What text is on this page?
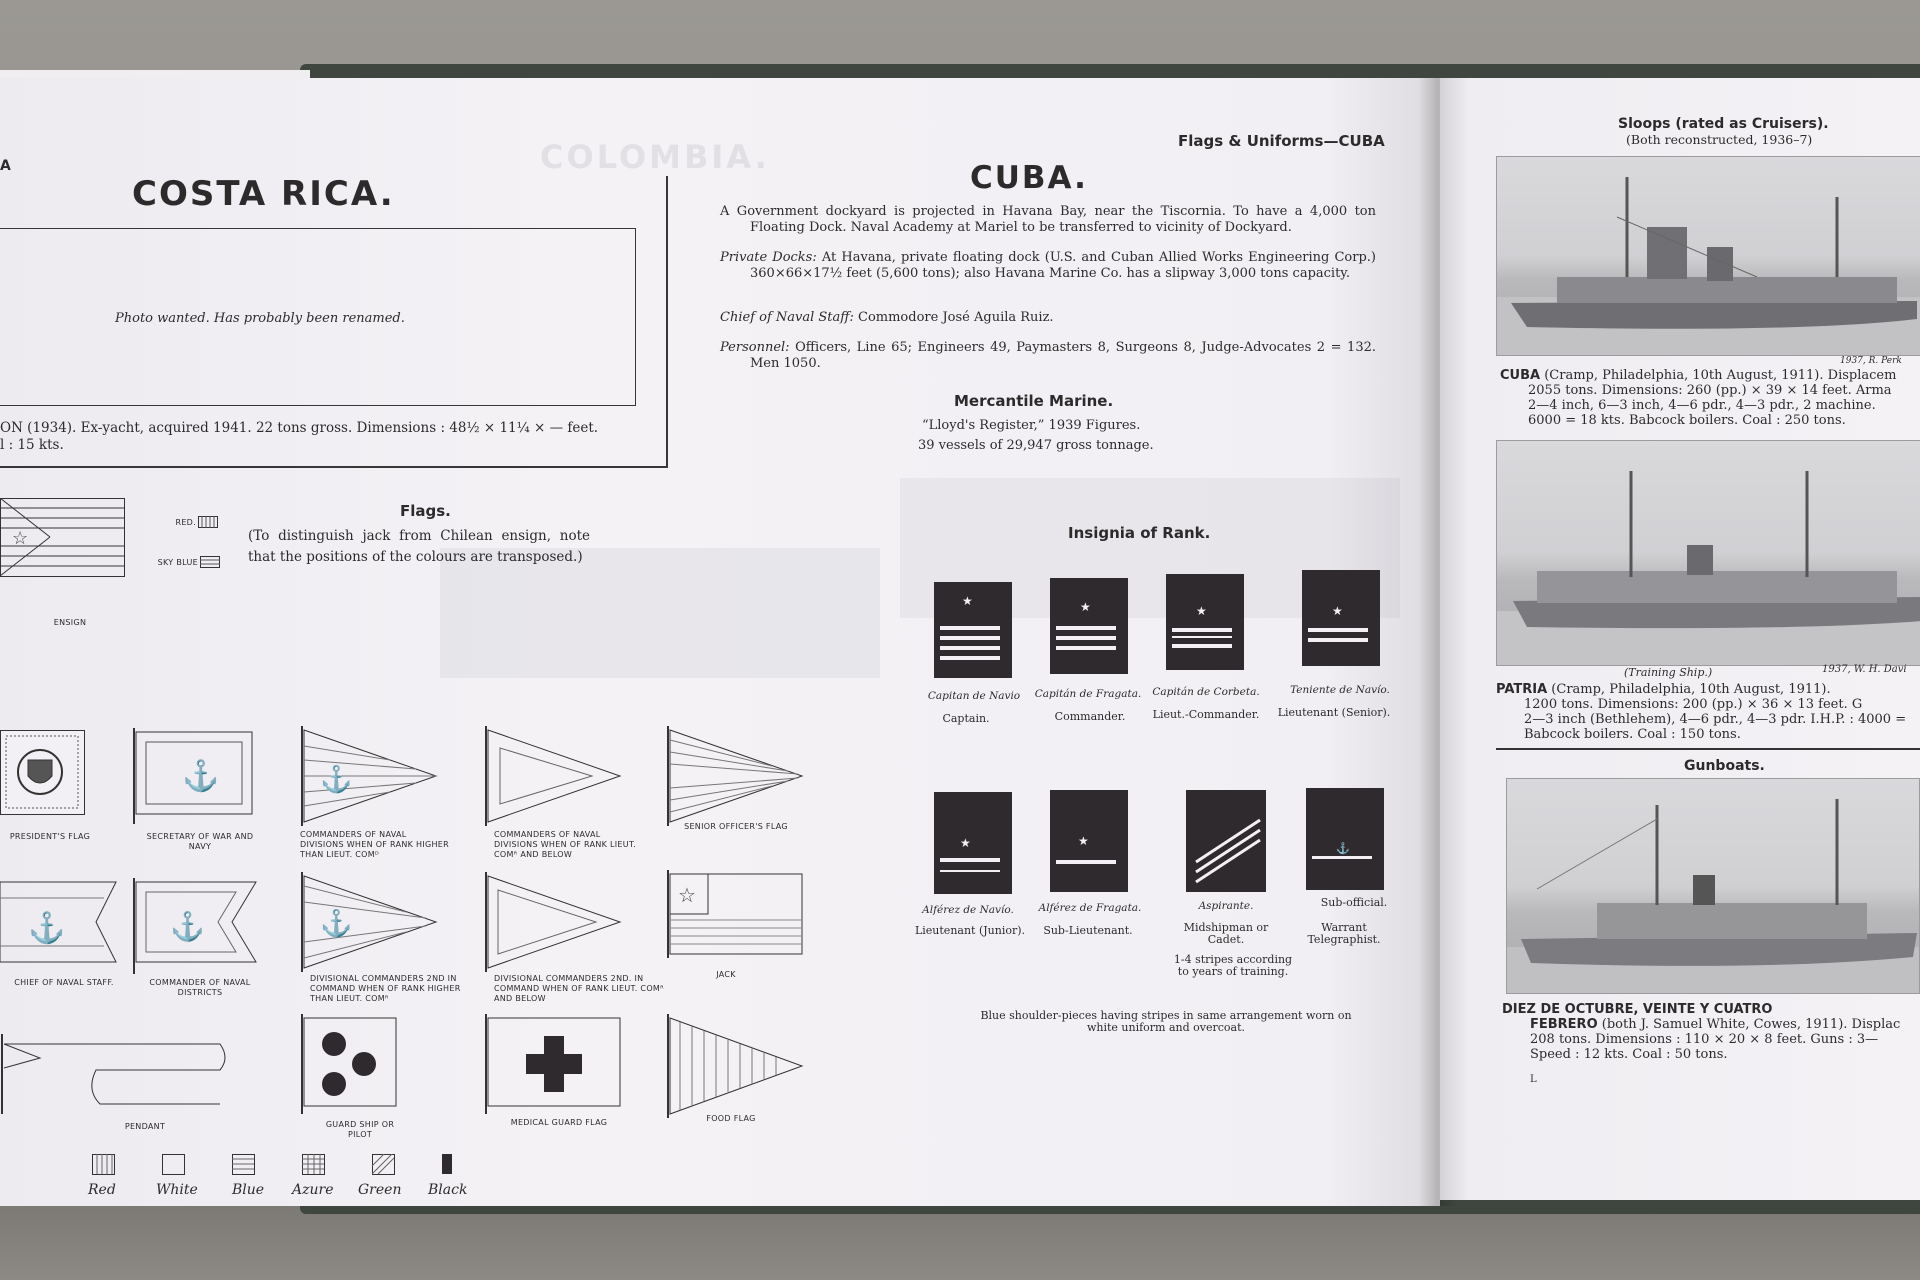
COLOMBIA.	Flags & Uniforms—CUBA
A
COSTA RICA.
Photo wanted. Has probably been renamed.
ON (1934). Ex-yacht, acquired 1941. 22 tons gross. Dimensions : 48½ × 11¼ × — feet.
l : 15 kts.
Flags.
(To distinguish jack from Chilean ensign, note that the positions of the colours are transposed.)
☆
ENSIGN
RED.
SKY BLUE
PRESIDENT'S FLAG
⚓
SECRETARY OF WAR AND NAVY
⚓
COMMANDERS OF NAVAL DIVISIONS WHEN OF RANK HIGHER THAN LIEUT. COMᴰ
COMMANDERS OF NAVAL DIVISIONS WHEN OF RANK LIEUT. COMᴿ AND BELOW
SENIOR OFFICER'S FLAG
⚓
CHIEF OF NAVAL STAFF.
⚓
COMMANDER OF NAVAL DISTRICTS
⚓
DIVISIONAL COMMANDERS 2ND IN COMMAND WHEN OF RANK HIGHER THAN LIEUT. COMᴿ
DIVISIONAL COMMANDERS 2ND. IN COMMAND WHEN OF RANK LIEUT. COMᴿ AND BELOW
☆
JACK
PENDANT	GUARD SHIP OR PILOT
MEDICAL GUARD FLAG	FOOD FLAG
Red	White Blue Azure Green Black
CUBA.
A Government dockyard is projected in Havana Bay, near the Tiscornia. To have a 4,000 ton Floating Dock. Naval Academy at Mariel to be transferred to vicinity of Dockyard.
Private Docks: At Havana, private floating dock (U.S. and Cuban Allied Works Engineering Corp.) 360×66×17½ feet (5,600 tons); also Havana Marine Co. has a slipway 3,000 tons capacity.
Chief of Naval Staff: Commodore José Aguila Ruiz.
Personnel: Officers, Line 65; Engineers 49, Paymasters 8, Surgeons 8, Judge-Advocates 2 = 132. Men 1050.
Mercantile Marine.
“Lloyd's Register,” 1939 Figures.
39 vessels of 29,947 gross tonnage.
Insignia of Rank.
★	★	★	★
Capitan de Navio	Capitán de Fragata.	Capitán de Corbeta.	Teniente de Navío.
Captain.	Commander.	Lieut.-Commander.	Lieutenant (Senior).
★	★
⚓
Alférez de Navío.	Alférez de Fragata.	Aspirante.	Sub-official.
Lieutenant (Junior).	Sub-Lieutenant.	Midshipman or Cadet.
Warrant Telegraphist.
1-4 stripes according to years of training.
Blue shoulder-pieces having stripes in same arrangement worn on white uniform and overcoat.
Sloops (rated as Cruisers).
(Both reconstructed, 1936–7)
1937, R. Perk
CUBA (Cramp, Philadelphia, 10th August, 1911). Displacem
2055 tons. Dimensions: 260 (pp.) × 39 × 14 feet. Arma
2—4 inch, 6—3 inch, 4—6 pdr., 4—3 pdr., 2 machine.
6000 = 18 kts. Babcock boilers. Coal : 250 tons.
(Training Ship.)	1937, W. H. Davi
PATRIA (Cramp, Philadelphia, 10th August, 1911).
1200 tons. Dimensions: 200 (pp.) × 36 × 13 feet. G
2—3 inch (Bethlehem), 4—6 pdr., 4—3 pdr. I.H.P. : 4000 =
Babcock boilers. Coal : 150 tons.
Gunboats.
DIEZ DE OCTUBRE, VEINTE Y CUATRO
FEBRERO (both J. Samuel White, Cowes, 1911). Displac
208 tons. Dimensions : 110 × 20 × 8 feet. Guns : 3—
Speed : 12 kts. Coal : 50 tons.
L
